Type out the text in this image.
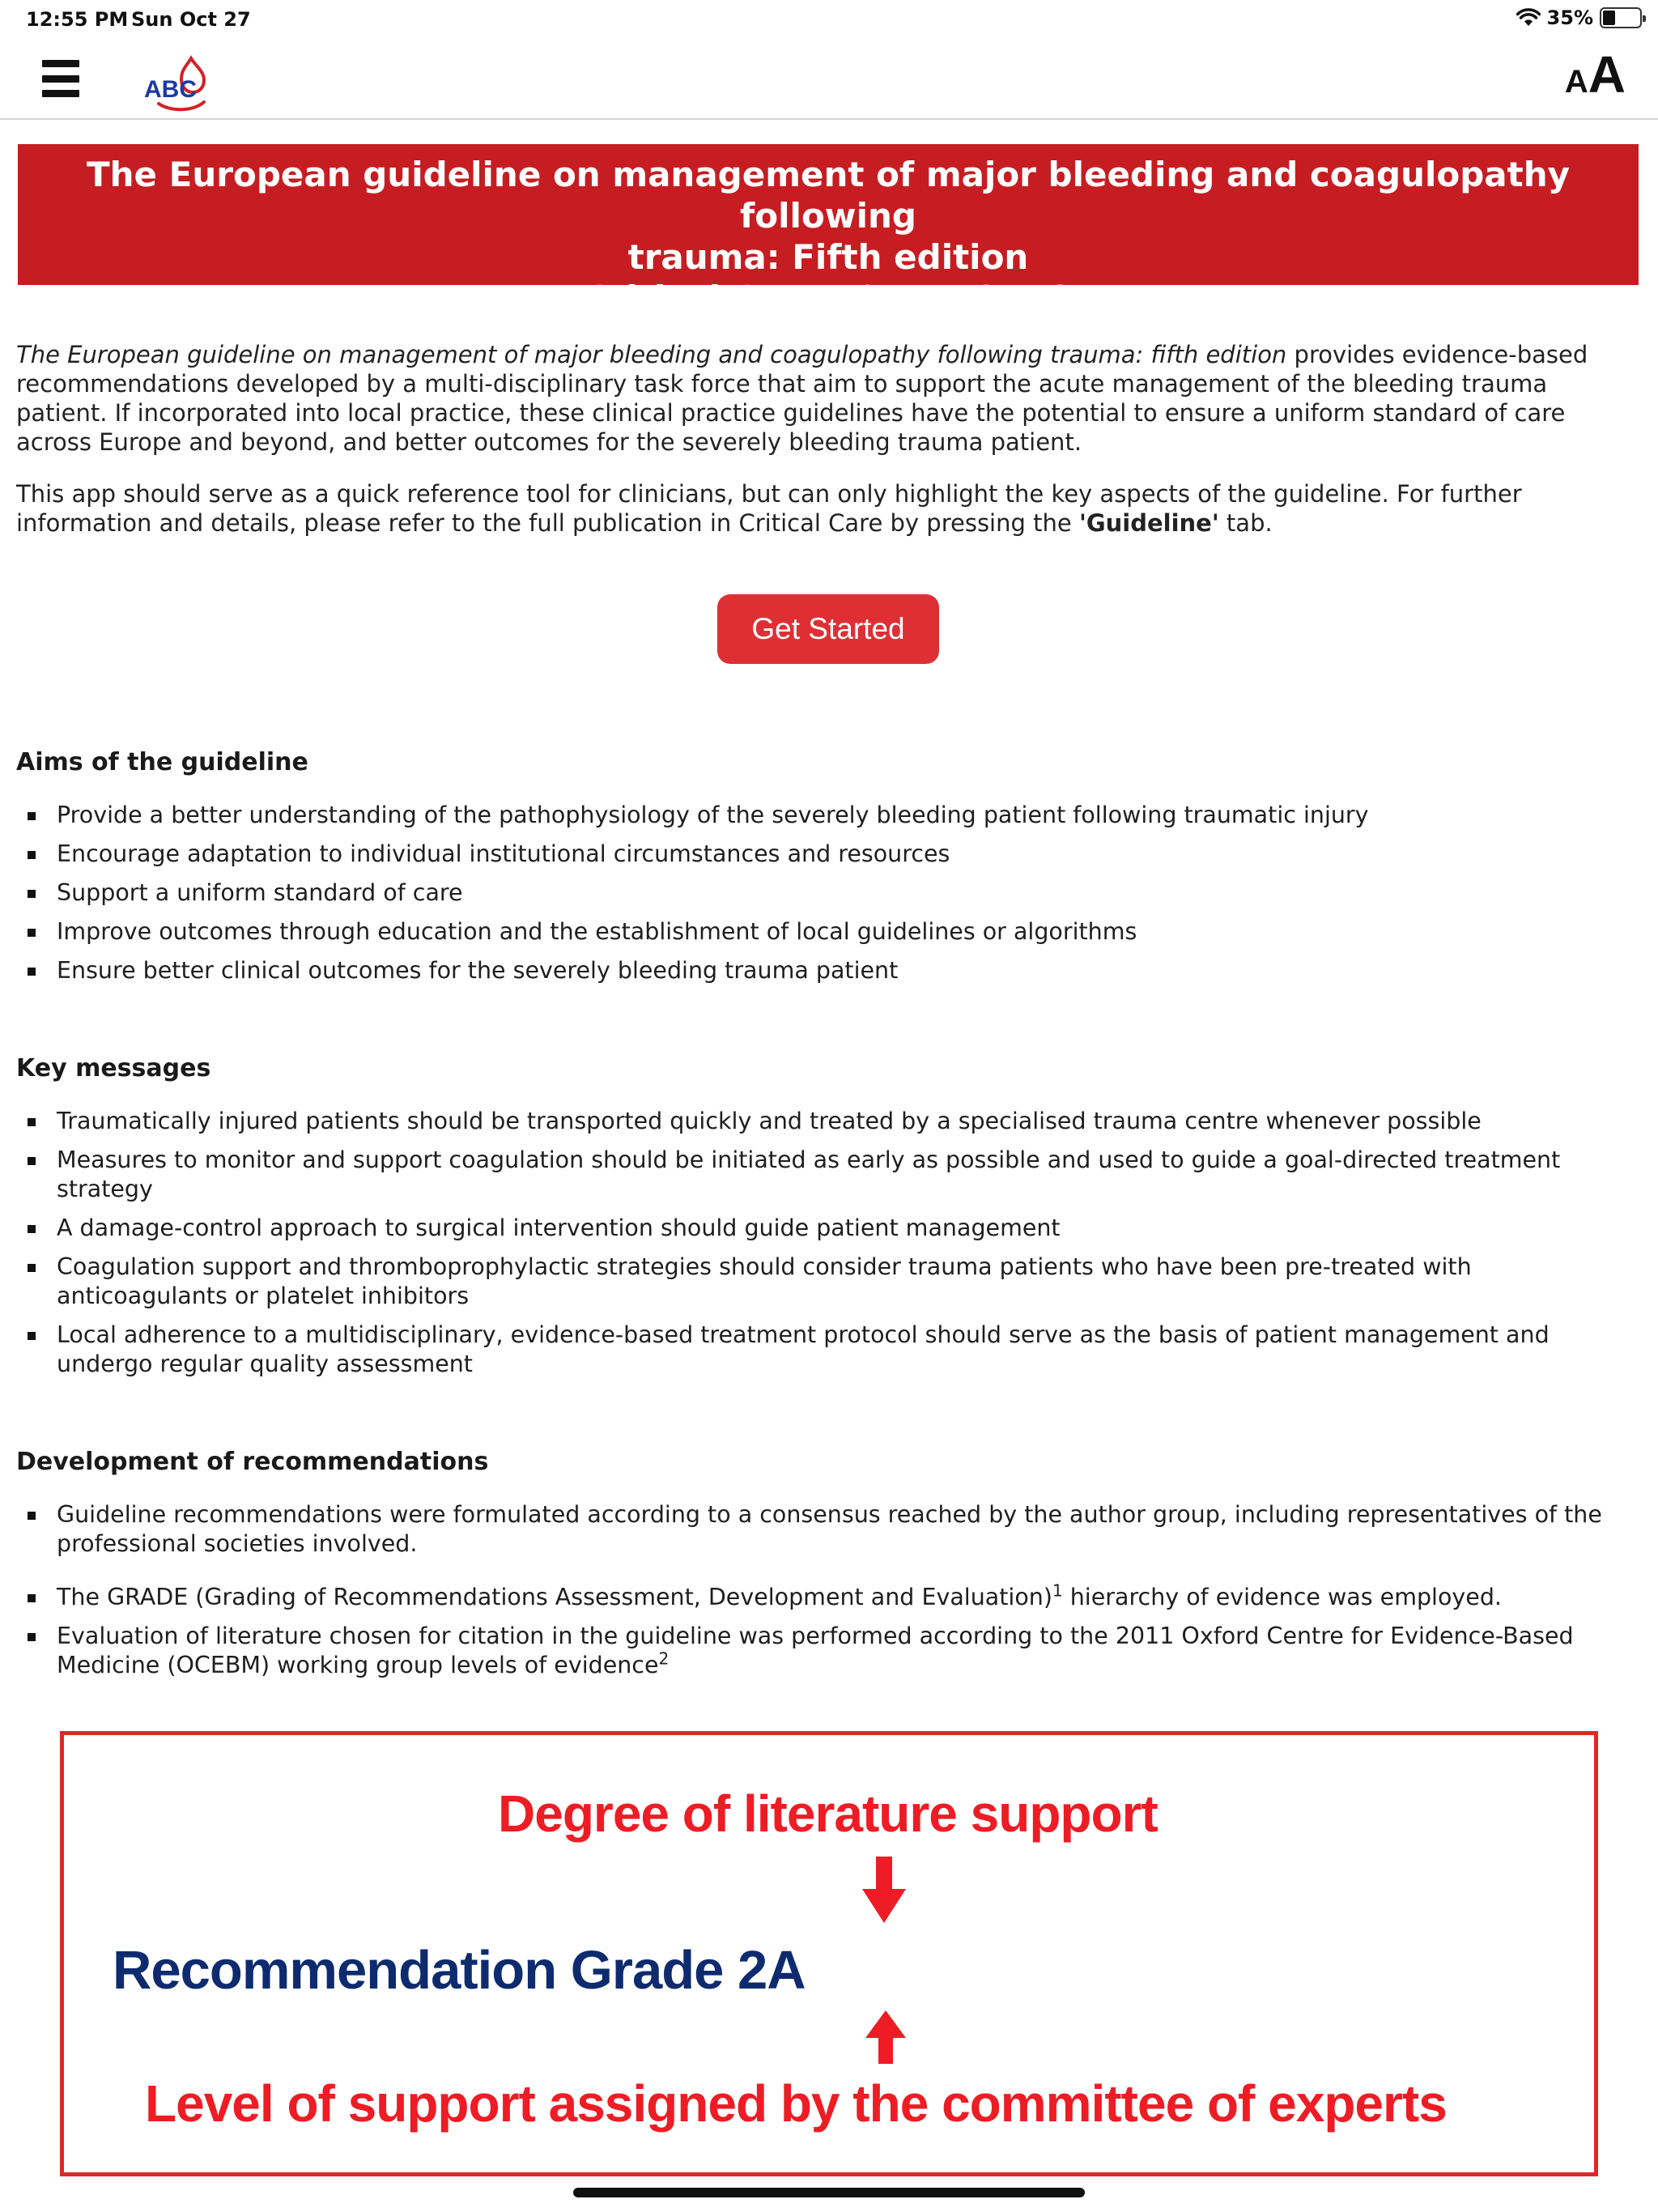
12:55 PM Sun Oct 27	35%
ABC	AA
The European guideline on management of major bleeding and coagulopathy following
trauma: Fifth edition
Critical Care 2019; 23: 98

The European guideline on management of major bleeding and coagulopathy following trauma: fifth edition provides evidence-based recommendations developed by a multi-disciplinary task force that aim to support the acute management of the bleeding trauma patient. If incorporated into local practice, these clinical practice guidelines have the potential to ensure a uniform standard of care across Europe and beyond, and better outcomes for the severely bleeding trauma patient.

This app should serve as a quick reference tool for clinicians, but can only highlight the key aspects of the guideline. For further information and details, please refer to the full publication in Critical Care by pressing the 'Guideline' tab.

Get Started
Aims of the guideline
Provide a better understanding of the pathophysiology of the severely bleeding patient following traumatic injury
Encourage adaptation to individual institutional circumstances and resources
Support a uniform standard of care
Improve outcomes through education and the establishment of local guidelines or algorithms
Ensure better clinical outcomes for the severely bleeding trauma patient
Key messages
Traumatically injured patients should be transported quickly and treated by a specialised trauma centre whenever possible
Measures to monitor and support coagulation should be initiated as early as possible and used to guide a goal-directed treatment strategy
A damage-control approach to surgical intervention should guide patient management
Coagulation support and thromboprophylactic strategies should consider trauma patients who have been pre-treated with anticoagulants or platelet inhibitors
Local adherence to a multidisciplinary, evidence-based treatment protocol should serve as the basis of patient management and undergo regular quality assessment
Development of recommendations
Guideline recommendations were formulated according to a consensus reached by the author group, including representatives of the professional societies involved.
The GRADE (Grading of Recommendations Assessment, Development and Evaluation)$^1$ hierarchy of evidence was employed.
Evaluation of literature chosen for citation in the guideline was performed according to the 2011 Oxford Centre for Evidence-Based Medicine (OCEBM) working group levels of evidence$^2$
Degree of literature support
Recommendation Grade 2A
Level of support assigned by the committee of experts
